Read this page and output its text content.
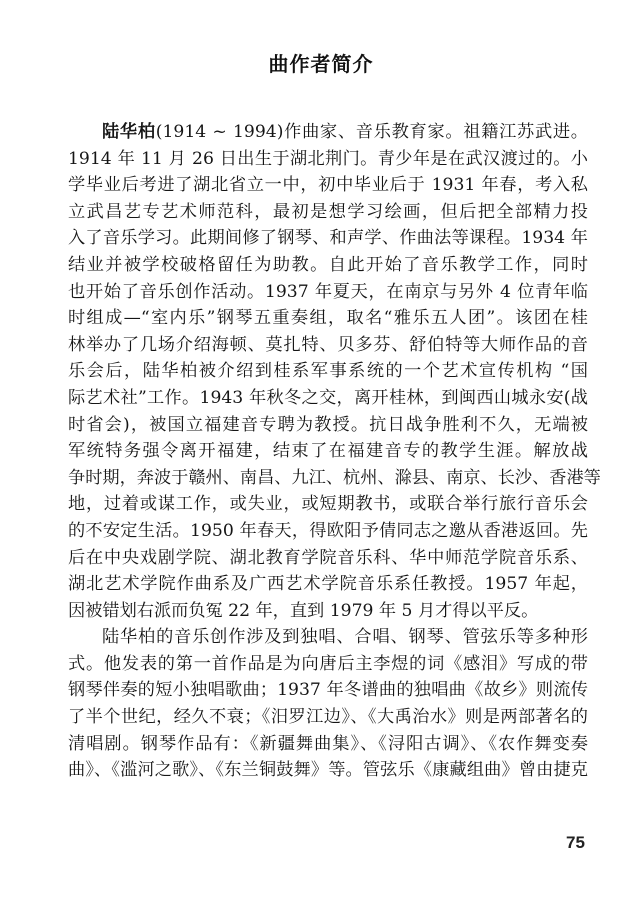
曲作者简介
陆华柏(1914 ~ 1994)作曲家、音乐教育家。祖籍江苏武进。
1914 年 11 月 26 日出生于湖北荆门。青少年是在武汉渡过的。小
学毕业后考进了湖北省立一中，初中毕业后于 1931 年春，考入私
立武昌艺专艺术师范科，最初是想学习绘画，但后把全部精力投
入了音乐学习。此期间修了钢琴、和声学、作曲法等课程。1934 年
结业并被学校破格留任为助教。自此开始了音乐教学工作，同时
也开始了音乐创作活动。1937 年夏天，在南京与另外 4 位青年临
时组成—“室内乐”钢琴五重奏组，取名“雅乐五人团”。该团在桂
林举办了几场介绍海顿、莫扎特、贝多芬、舒伯特等大师作品的音
乐会后，陆华柏被介绍到桂系军事系统的一个艺术宣传机构 “国
际艺术社”工作。1943 年秋冬之交，离开桂林，到闽西山城永安(战
时省会)，被国立福建音专聘为教授。抗日战争胜利不久，无端被
军统特务强令离开福建，结束了在福建音专的教学生涯。解放战
争时期，奔波于赣州、南昌、九江、杭州、滁县、南京、长沙、香港等
地，过着或谋工作，或失业，或短期教书，或联合举行旅行音乐会
的不安定生活。1950 年春天，得欧阳予倩同志之邀从香港返回。先
后在中央戏剧学院、湖北教育学院音乐科、华中师范学院音乐系、
湖北艺术学院作曲系及广西艺术学院音乐系任教授。1957 年起，
因被错划右派而负冤 22 年，直到 1979 年 5 月才得以平反。
陆华柏的音乐创作涉及到独唱、合唱、钢琴、管弦乐等多种形
式。他发表的第一首作品是为向唐后主李煜的词《感泪》写成的带
钢琴伴奏的短小独唱歌曲；1937 年冬谱曲的独唱曲《故乡》则流传
了半个世纪，经久不衰；《汨罗江边》、《大禹治水》则是两部著名的
清唱剧。钢琴作品有：《新疆舞曲集》、《浔阳古调》、《农作舞变奏
曲》、《滥河之歌》、《东兰铜鼓舞》等。管弦乐《康藏组曲》曾由捷克
75
